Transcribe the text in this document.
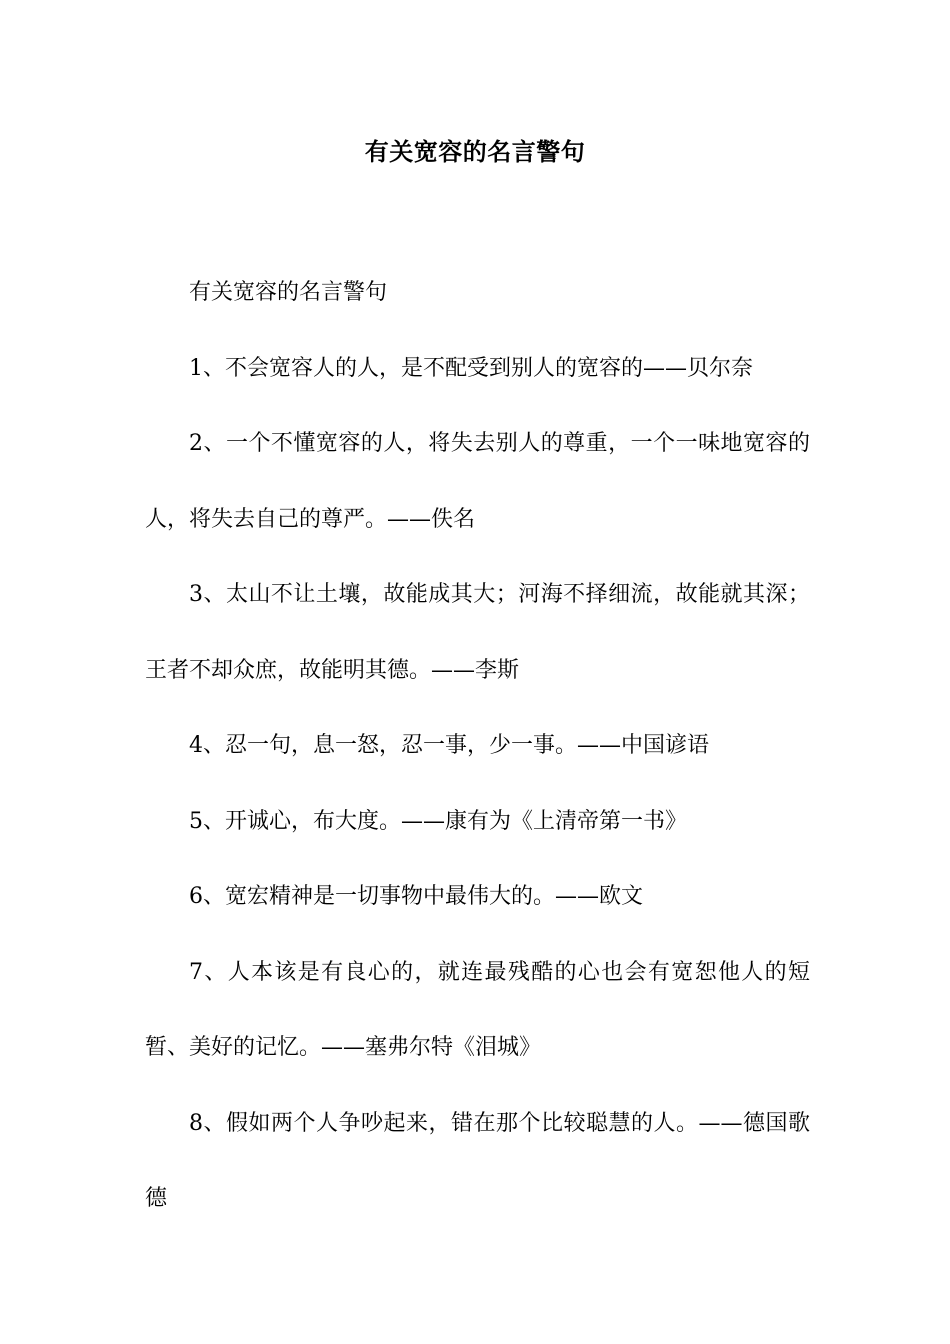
有关宽容的名言警句

有关宽容的名言警句

1、不会宽容人的人，是不配受到别人的宽容的——贝尔奈

2、一个不懂宽容的人，将失去别人的尊重，一个一味地宽容的人，将失去自己的尊严。——佚名

3、太山不让土壤，故能成其大；河海不择细流，故能就其深；王者不却众庶，故能明其德。——李斯

4、忍一句，息一怒，忍一事，少一事。——中国谚语

5、开诚心，布大度。——康有为《上清帝第一书》

6、宽宏精神是一切事物中最伟大的。——欧文

7、人本该是有良心的，就连最残酷的心也会有宽恕他人的短暂、美好的记忆。——塞弗尔特《泪城》

8、假如两个人争吵起来，错在那个比较聪慧的人。——德国歌德
